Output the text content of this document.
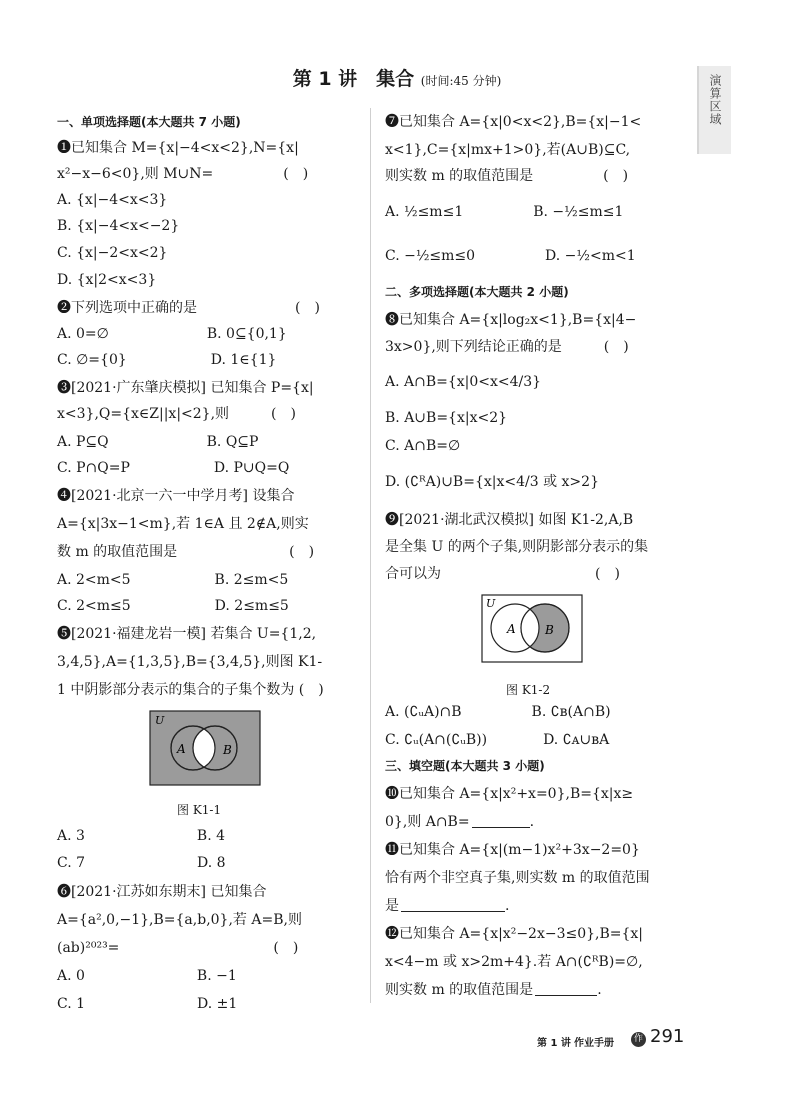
第 1 讲　集合 (时间:45 分钟)	演算区域
一、单项选择题(本大题共 7 小题)
❶已知集合 M={x|−4<x<2},N={x|
x²−x−6<0},则 M∪N=　　　　　(　)
A. {x|−4<x<3}
B. {x|−4<x<−2}
C. {x|−2<x<2}
D. {x|2<x<3}
❷下列选项中正确的是　　　　　　　(　)
A. 0=∅　　　　　　　B. 0⊆{0,1}
C. ∅={0}　　　　　　D. 1∈{1}
❸[2021·广东肇庆模拟] 已知集合 P={x|
x<3},Q={x∈Z||x|<2},则　　　(　)
A. P⊆Q　　　　　　　B. Q⊆P
C. P∩Q=P　　　　　　D. P∪Q=Q
❹[2021·北京一六一中学月考] 设集合
A={x|3x−1<m},若 1∈A 且 2∉A,则实
数 m 的取值范围是　　　　　　　　(　)
A. 2<m<5　　　　　　B. 2≤m<5
C. 2<m≤5　　　　　　D. 2≤m≤5
❺[2021·福建龙岩一模] 若集合 U={1,2,
3,4,5},A={1,3,5},B={3,4,5},则图 K1-
1 中阴影部分表示的集合的子集个数为 (　)
U
A	B
图 K1-1
A. 3　　　　　　　　B. 4
C. 7　　　　　　　　D. 8
❻[2021·江苏如东期末] 已知集合
A={a²,0,−1},B={a,b,0},若 A=B,则
(ab)²⁰²³=　　　　　　　　　　　(　)
A. 0　　　　　　　　B. −1
C. 1　　　　　　　　D. ±1
❼已知集合 A={x|0<x<2},B={x|−1<
x<1},C={x|mx+1>0},若(A∪B)⊆C,
则实数 m 的取值范围是　　　　　(　)
A. ½≤m≤1　　　　　B. −½≤m≤1
C. −½≤m≤0　　　　　D. −½<m<1
二、多项选择题(本大题共 2 小题)
❽已知集合 A={x|log₂x<1},B={x|4−
3x>0},则下列结论正确的是　　　(　)
A. A∩B={x|0<x<4/3}
B. A∪B={x|x<2}
C. A∩B=∅
D. (∁ᴿA)∪B={x|x<4/3 或 x>2}
❾[2021·湖北武汉模拟] 如图 K1-2,A,B
是全集 U 的两个子集,则阴影部分表示的集
合可以为　　　　　　　　　　　(　)
U
A B
图 K1-2
A. (∁ᵤA)∩B　　　　　B. ∁ʙ(A∩B)
C. ∁ᵤ(A∩(∁ᵤB))　　　　D. ∁ᴀ∪ʙA
三、填空题(本大题共 3 小题)
❿已知集合 A={x|x²+x=0},B={x|x≥
0},则 A∩B=	.
⓫已知集合 A={x|(m−1)x²+3x−2=0}
恰有两个非空真子集,则实数 m 的取值范围
是	.
⓬已知集合 A={x|x²−2x−3≤0},B={x|
x<4−m 或 x>2m+4}.若 A∩(∁ᴿB)=∅,
则实数 m 的取值范围是	.
第 1 讲 作业手册	作 291
